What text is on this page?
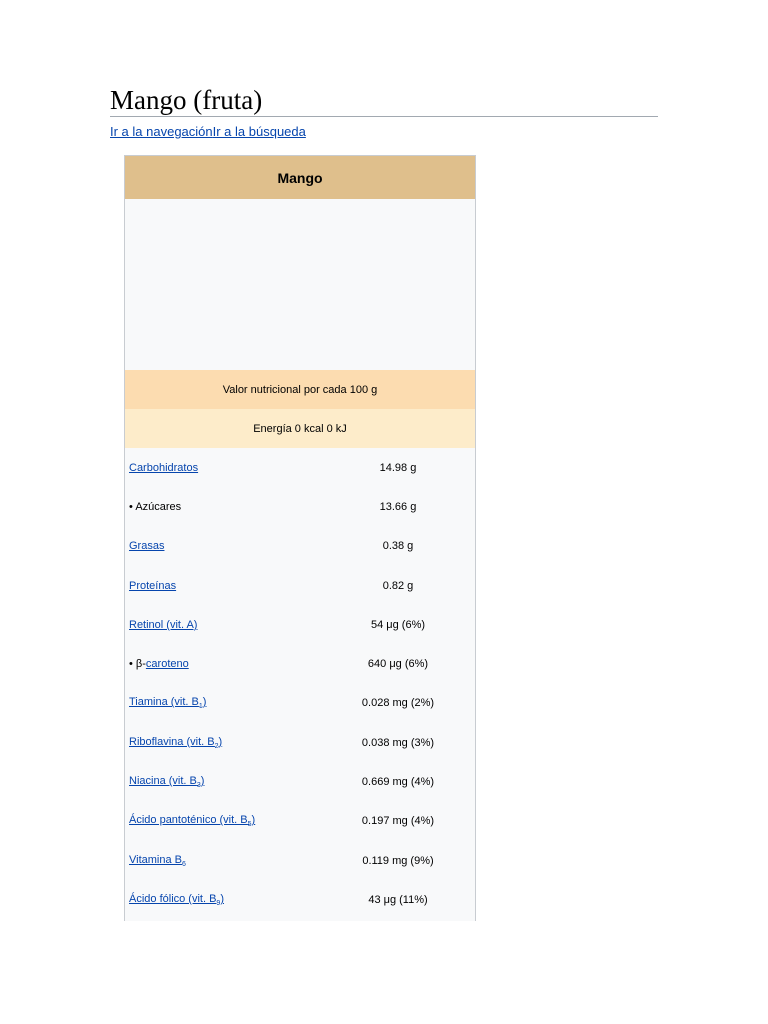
Mango (fruta)
Ir a la navegaciónIr a la búsqueda
Mango
Valor nutricional por cada 100 g
Energía 0 kcal 0 kJ
Carbohidratos	14.98 g
• Azúcares	13.66 g
Grasas	0.38 g
Proteínas	0.82 g
Retinol (vit. A)	54 μg (6%)
• β-caroteno	640 μg (6%)
Tiamina (vit. $B_1$)	0.028 mg (2%)
Riboflavina (vit. $B_2$)	0.038 mg (3%)
Niacina (vit. $B_3$)	0.669 mg (4%)
Ácido pantoténico (vit. $B_5$)	0.197 mg (4%)
Vitamina $B_6$	0.119 mg (9%)
Ácido fólico (vit. $B_9$)	43 μg (11%)
